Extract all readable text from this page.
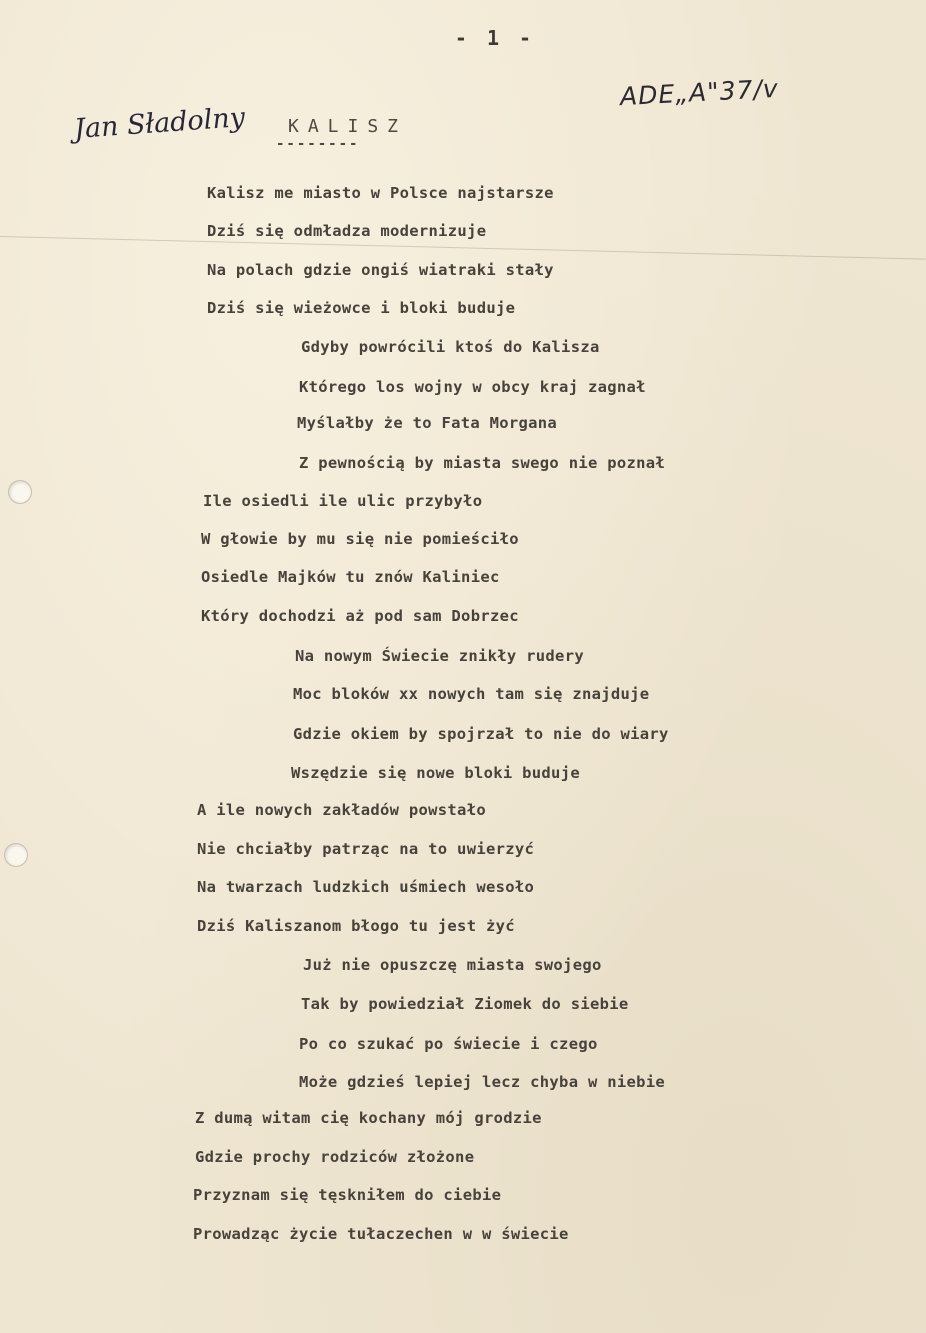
- 1 -
ADE„A"37/v
Jan Sładolny KALISZ
--------
Kalisz me miasto w Polsce najstarsze
Dziś się odmładza modernizuje
Na polach gdzie ongiś wiatraki stały
Dziś się wieżowce i bloki buduje
Gdyby powrócili ktoś do Kalisza
Którego los wojny w obcy kraj zagnał
Myślałby że to Fata Morgana
Z pewnością by miasta swego nie poznał
Ile osiedli ile ulic przybyło
W głowie by mu się nie pomieściło
Osiedle Majków tu znów Kaliniec
Który dochodzi aż pod sam Dobrzec
Na nowym Świecie znikły rudery
Moc bloków xx nowych tam się znajduje
Gdzie okiem by spojrzał to nie do wiary
Wszędzie się nowe bloki buduje
A ile nowych zakładów powstało
Nie chciałby patrząc na to uwierzyć
Na twarzach ludzkich uśmiech wesoło
Dziś Kaliszanom błogo tu jest żyć
Już nie opuszczę miasta swojego
Tak by powiedział Ziomek do siebie
Po co szukać po świecie i czego
Może gdzieś lepiej lecz chyba w niebie
Z dumą witam cię kochany mój grodzie
Gdzie prochy rodziców złożone
Przyznam się tęskniłem do ciebie
Prowadząc życie tułaczechen w w świecie
